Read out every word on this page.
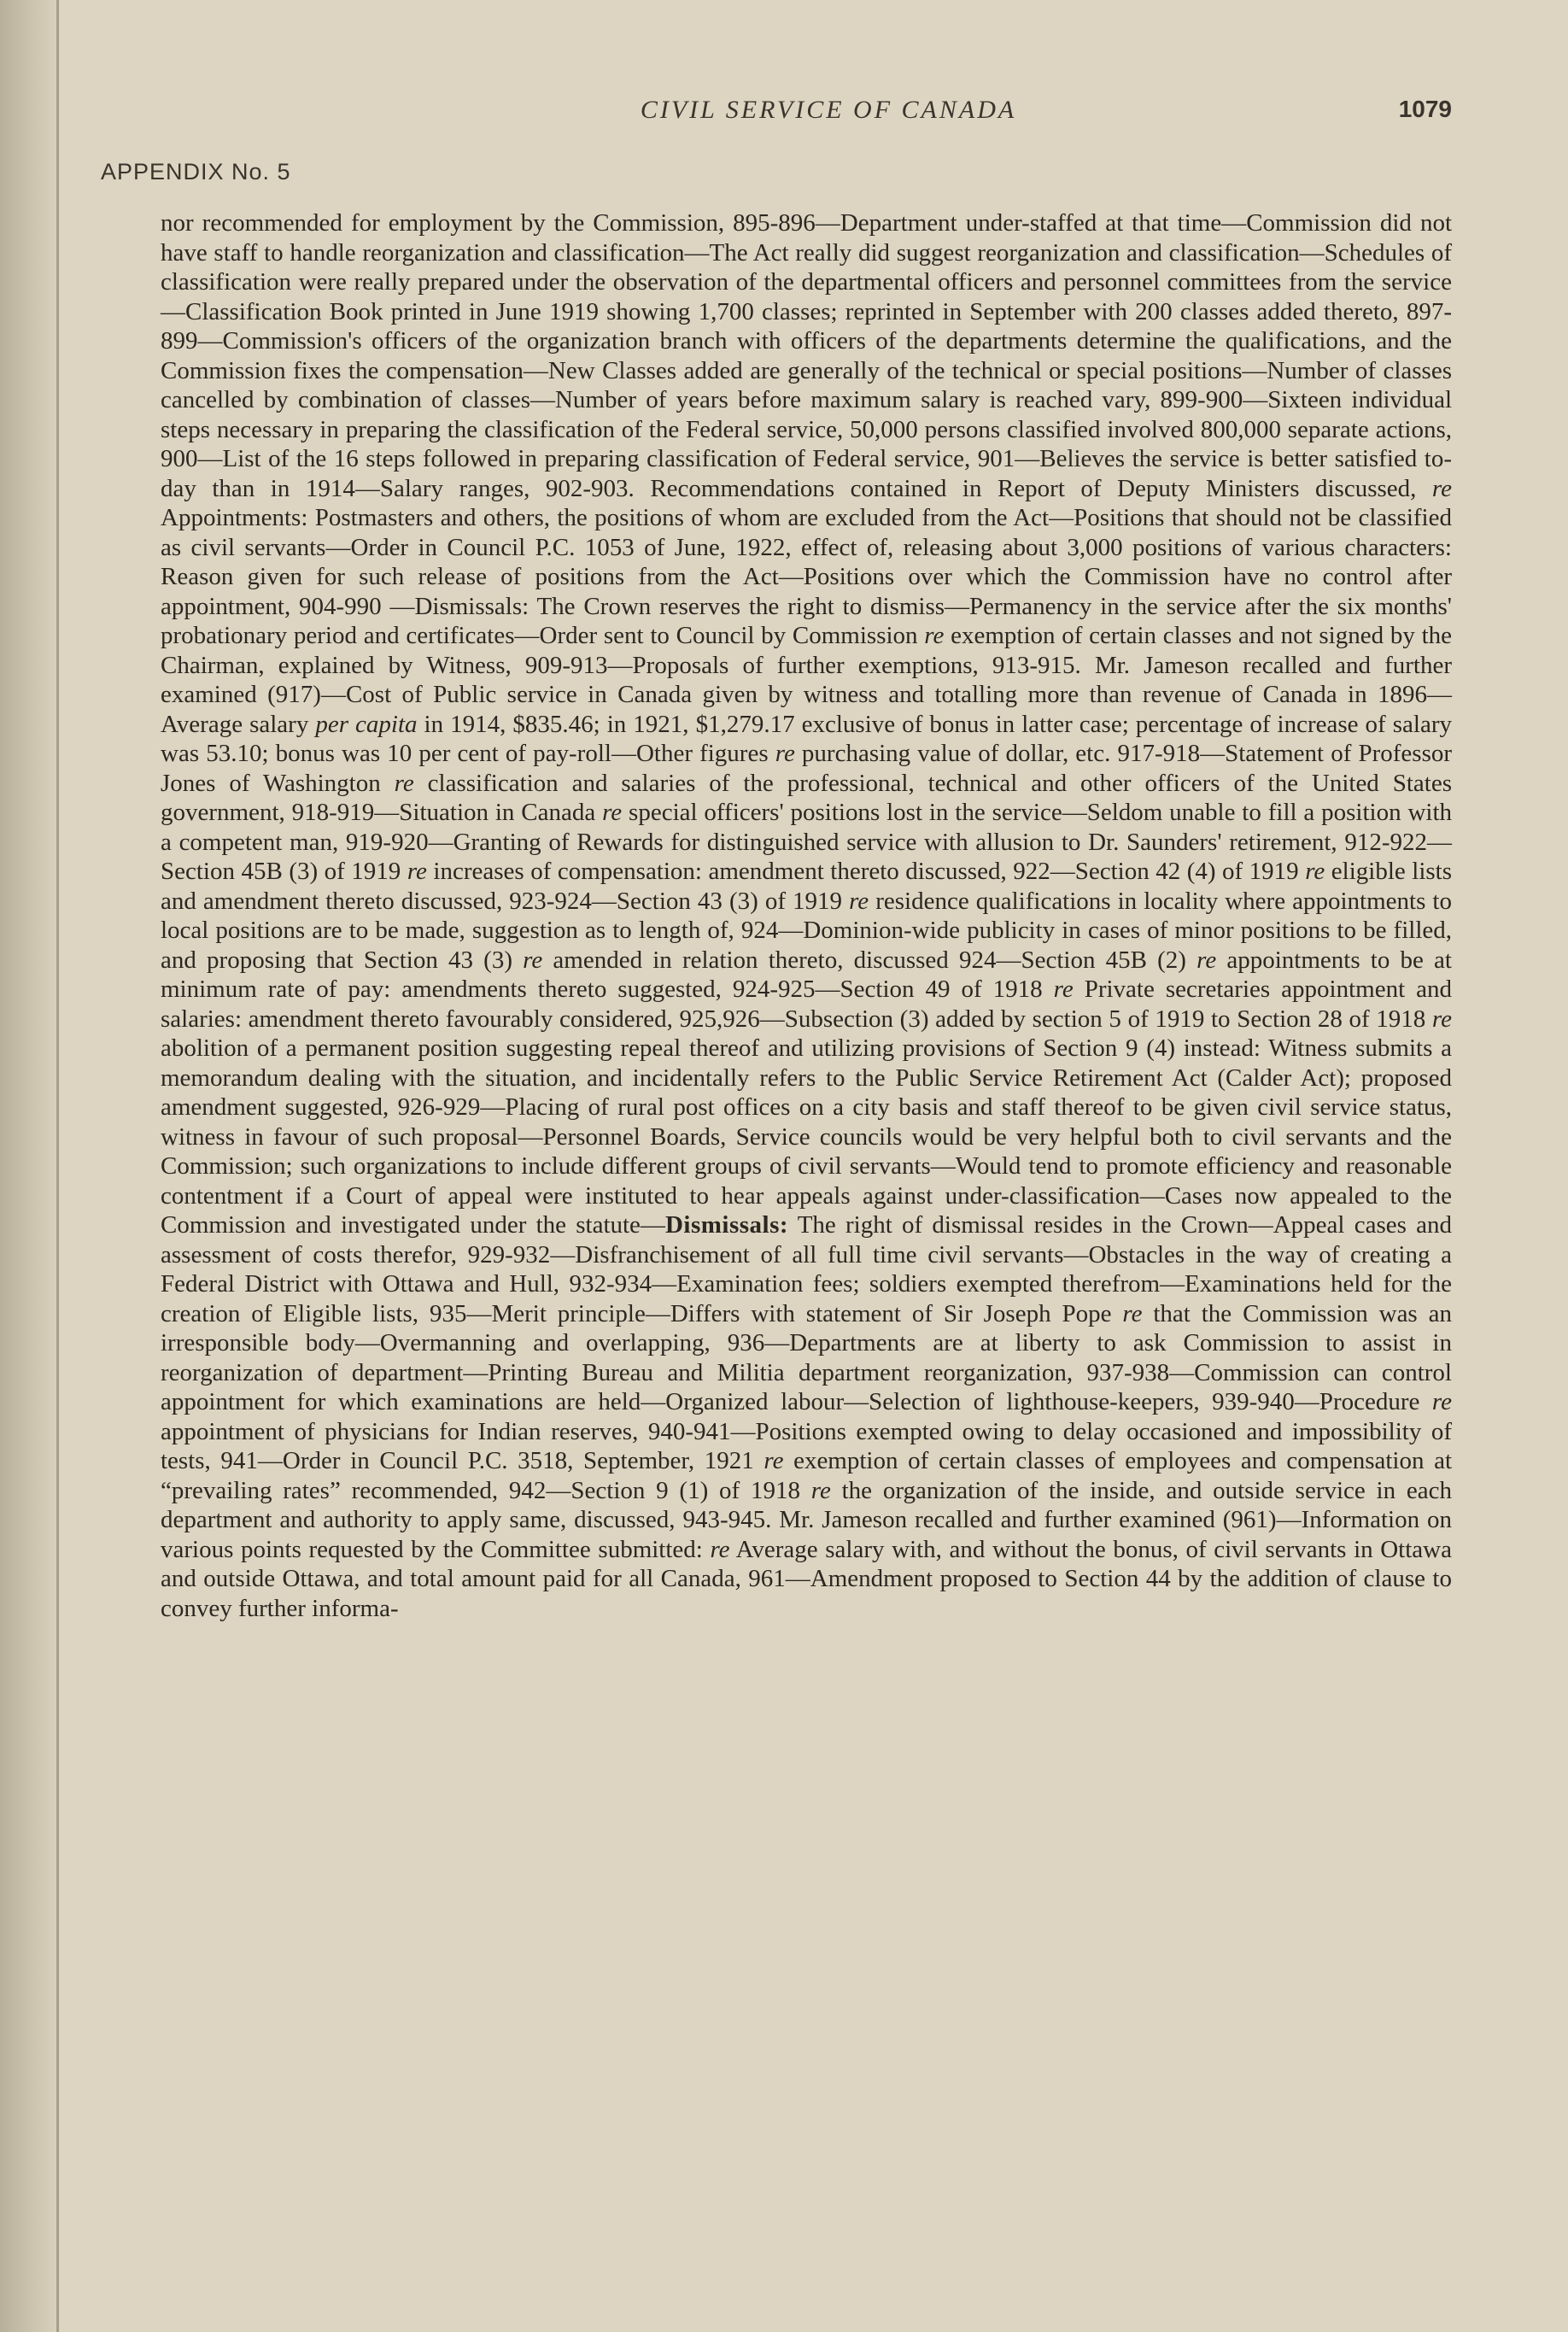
CIVIL SERVICE OF CANADA	1079
APPENDIX No. 5

nor recommended for employment by the Commission, 895-896—Department under-staffed at that time—Commission did not have staff to handle reorganization and classification—The Act really did suggest reorganization and classification—Schedules of classification were really prepared under the observation of the departmental officers and personnel committees from the service—Classification Book printed in June 1919 showing 1,700 classes; reprinted in September with 200 classes added thereto, 897-899—Commission's officers of the organization branch with officers of the departments determine the qualifications, and the Commission fixes the compensation—New Classes added are generally of the technical or special positions—Number of classes cancelled by combination of classes—Number of years before maximum salary is reached vary, 899-900—Sixteen individual steps necessary in preparing the classification of the Federal service, 50,000 persons classified involved 800,000 separate actions, 900—List of the 16 steps followed in preparing classification of Federal service, 901—Believes the service is better satisfied to-day than in 1914—Salary ranges, 902-903. Recommendations contained in Report of Deputy Ministers discussed, re Appointments: Postmasters and others, the positions of whom are excluded from the Act—Positions that should not be classified as civil servants—Order in Council P.C. 1053 of June, 1922, effect of, releasing about 3,000 positions of various characters: Reason given for such release of positions from the Act—Positions over which the Commission have no control after appointment, 904-990 —Dismissals: The Crown reserves the right to dismiss—Permanency in the service after the six months' probationary period and certificates—Order sent to Council by Commission re exemption of certain classes and not signed by the Chairman, explained by Witness, 909-913—Proposals of further exemptions, 913-915. Mr. Jameson recalled and further examined (917)—Cost of Public service in Canada given by witness and totalling more than revenue of Canada in 1896—Average salary per capita in 1914, $835.46; in 1921, $1,279.17 exclusive of bonus in latter case; percentage of increase of salary was 53.10; bonus was 10 per cent of pay-roll—Other figures re purchasing value of dollar, etc. 917-918—Statement of Professor Jones of Washington re classification and salaries of the professional, technical and other officers of the United States government, 918-919—Situation in Canada re special officers' positions lost in the service—Seldom unable to fill a position with a competent man, 919-920—Granting of Rewards for distinguished service with allusion to Dr. Saunders' retirement, 912-922—Section 45B (3) of 1919 re increases of compensation: amendment thereto discussed, 922—Section 42 (4) of 1919 re eligible lists and amendment thereto discussed, 923-924—Section 43 (3) of 1919 re residence qualifications in locality where appointments to local positions are to be made, suggestion as to length of, 924—Dominion-wide publicity in cases of minor positions to be filled, and proposing that Section 43 (3) re amended in relation thereto, discussed 924—Section 45B (2) re appointments to be at minimum rate of pay: amendments thereto suggested, 924-925—Section 49 of 1918 re Private secretaries appointment and salaries: amendment thereto favourably considered, 925,926—Subsection (3) added by section 5 of 1919 to Section 28 of 1918 re abolition of a permanent position suggesting repeal thereof and utilizing provisions of Section 9 (4) instead: Witness submits a memorandum dealing with the situation, and incidentally refers to the Public Service Retirement Act (Calder Act); proposed amendment suggested, 926-929—Placing of rural post offices on a city basis and staff thereof to be given civil service status, witness in favour of such proposal—Personnel Boards, Service councils would be very helpful both to civil servants and the Commission; such organizations to include different groups of civil servants—Would tend to promote efficiency and reasonable contentment if a Court of appeal were instituted to hear appeals against under-classification—Cases now appealed to the Commission and investigated under the statute—Dismissals: The right of dismissal resides in the Crown—Appeal cases and assessment of costs therefor, 929-932—Disfranchisement of all full time civil servants—Obstacles in the way of creating a Federal District with Ottawa and Hull, 932-934—Examination fees; soldiers exempted therefrom—Examinations held for the creation of Eligible lists, 935—Merit principle—Differs with statement of Sir Joseph Pope re that the Commission was an irresponsible body—Overmanning and overlapping, 936—Departments are at liberty to ask Commission to assist in reorganization of department—Printing Bureau and Militia department reorganization, 937-938—Commission can control appointment for which examinations are held—Organized labour—Selection of lighthouse-keepers, 939-940—Procedure re appointment of physicians for Indian reserves, 940-941—Positions exempted owing to delay occasioned and impossibility of tests, 941—Order in Council P.C. 3518, September, 1921 re exemption of certain classes of employees and compensation at “prevailing rates” recommended, 942—Section 9 (1) of 1918 re the organization of the inside, and outside service in each department and authority to apply same, discussed, 943-945. Mr. Jameson recalled and further examined (961)—Information on various points requested by the Committee submitted: re Average salary with, and without the bonus, of civil servants in Ottawa and outside Ottawa, and total amount paid for all Canada, 961—Amendment proposed to Section 44 by the addition of clause to convey further informa-
